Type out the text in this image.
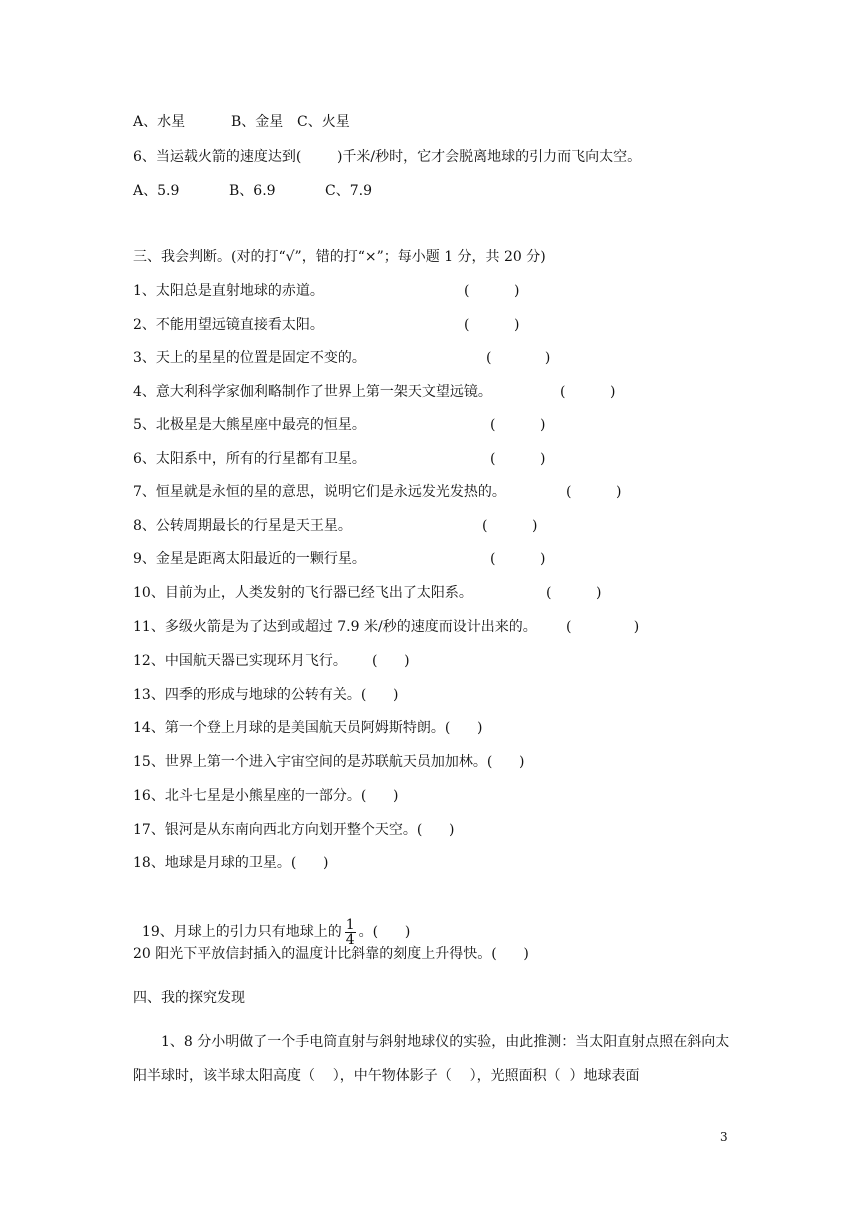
A、水星	B、金星 C、火星
6、当运载火箭的速度达到(        )千米/秒时，它才会脱离地球的引力而飞向太空。
A、5.9	B、6.9	C、7.9
三、我会判断。(对的打“√”，错的打“×”；每小题 1 分，共 20 分)
1、太阳总是直射地球的赤道。	(          )
2、不能用望远镜直接看太阳。	(          )
3、天上的星星的位置是固定不变的。	(            )
4、意大利科学家伽利略制作了世界上第一架天文望远镜。	(          )
5、北极星是大熊星座中最亮的恒星。	(          )
6、太阳系中，所有的行星都有卫星。	(          )
7、恒星就是永恒的星的意思，说明它们是永远发光发热的。	(          )
8、公转周期最长的行星是天王星。	(          )
9、金星是距离太阳最近的一颗行星。	(          )
10、目前为止，人类发射的飞行器已经飞出了太阳系。	(          )
11、多级火箭是为了达到或超过 7.9 米/秒的速度而设计出来的。 (              )
12、中国航天器已实现环月飞行。 (      )
13、四季的形成与地球的公转有关。(      )
14、第一个登上月球的是美国航天员阿姆斯特朗。(      )
15、世界上第一个进入宇宙空间的是苏联航天员加加林。(      )
16、北斗七星是小熊星座的一部分。(      )
17、银河是从东南向西北方向划开整个天空。(      )
18、地球是月球的卫星。(      )

19、月球上的引力只有地球上的 $\frac{1}{4}$ 。(      )

20 阳光下平放信封插入的温度计比斜靠的刻度上升得快。(      )
四、我的探究发现
1、8 分小明做了一个手电筒直射与斜射地球仪的实验，由此推测：当太阳直射点照在斜向太阳半球时，该半球太阳高度（    ），中午物体影子（    ），光照面积（  ）地球表面
3
